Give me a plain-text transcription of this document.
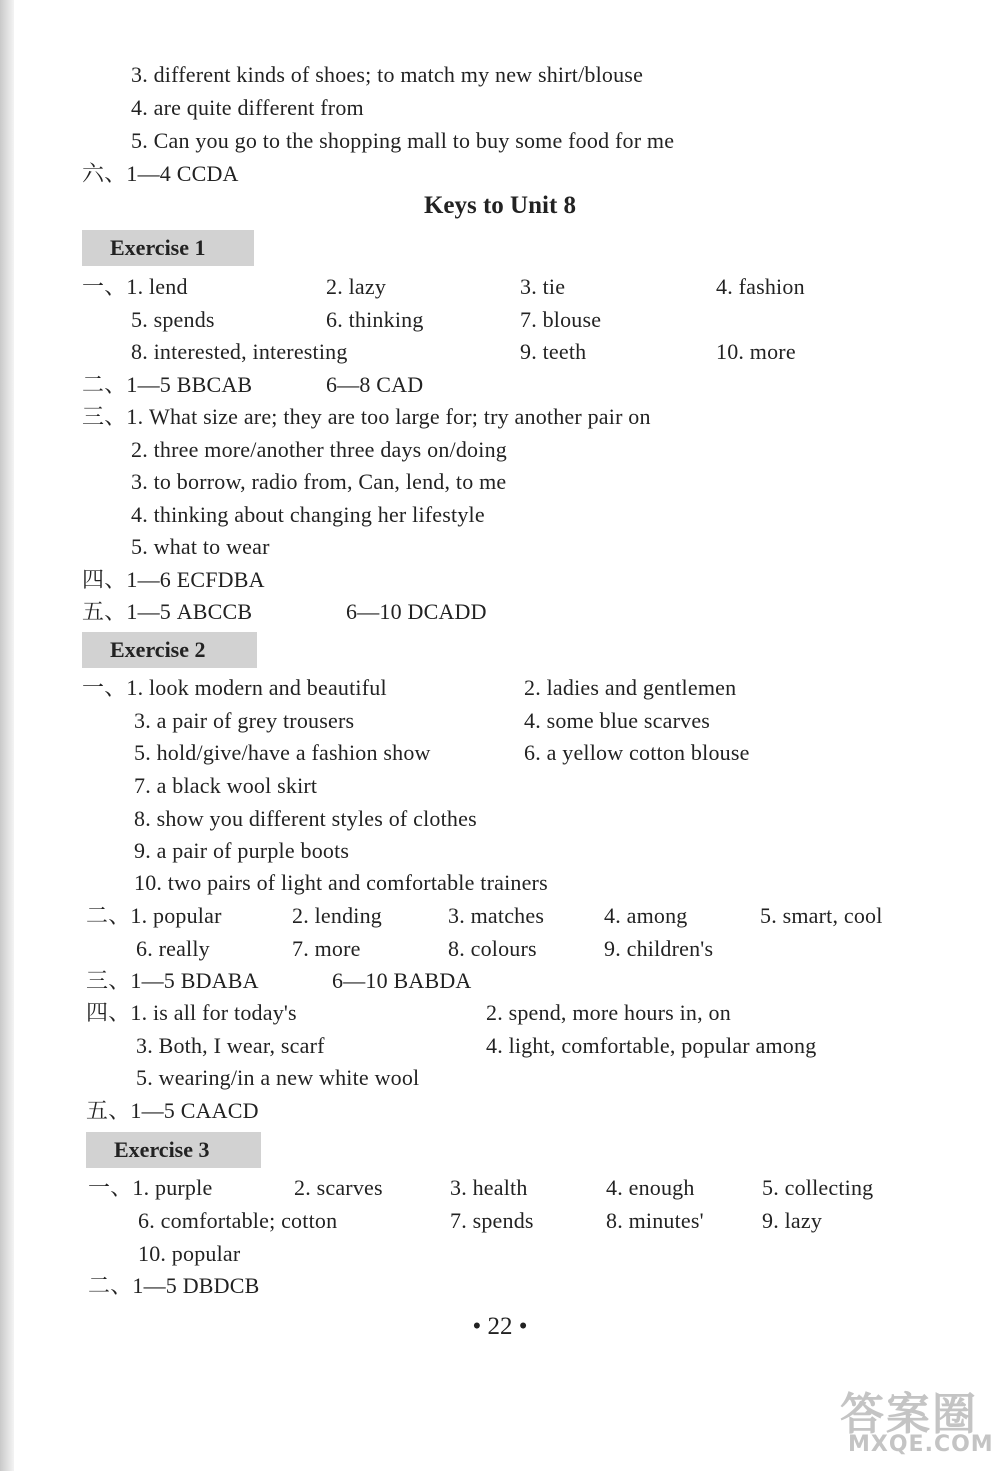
3. different kinds of shoes; to match my new shirt/blouse
4. are quite different from
5. Can you go to the shopping mall to buy some food for me
六、1—4 CCDA
Keys to Unit 8
Exercise 1
一、1. lend	2. lazy	3. tie	4. fashion
5. spends	6. thinking	7. blouse
8. interested, interesting	9. teeth	10. more
二、1—5 BBCAB	6—8 CAD
三、1. What size are; they are too large for; try another pair on
2. three more/another three days on/doing
3. to borrow, radio from, Can, lend, to me
4. thinking about changing her lifestyle
5. what to wear
四、1—6 ECFDBA
五、1—5 ABCCB	6—10 DCADD
Exercise 2
一、1. look modern and beautiful	2. ladies and gentlemen
3. a pair of grey trousers	4. some blue scarves
5. hold/give/have a fashion show	6. a yellow cotton blouse
7. a black wool skirt
8. show you different styles of clothes
9. a pair of purple boots
10. two pairs of light and comfortable trainers
二、1. popular	2. lending	3. matches	4. among	5. smart, cool
6. really	7. more	8. colours	9. children's
三、1—5 BDABA	6—10 BABDA
四、1. is all for today's	2. spend, more hours in, on
3. Both, I wear, scarf	4. light, comfortable, popular among
5. wearing/in a new white wool
五、1—5 CAACD
Exercise 3
一、1. purple	2. scarves	3. health	4. enough	5. collecting
6. comfortable; cotton	7. spends	8. minutes'	9. lazy
10. popular
二、1—5 DBDCB
• 22 •
答案圈
MXQE.COM
